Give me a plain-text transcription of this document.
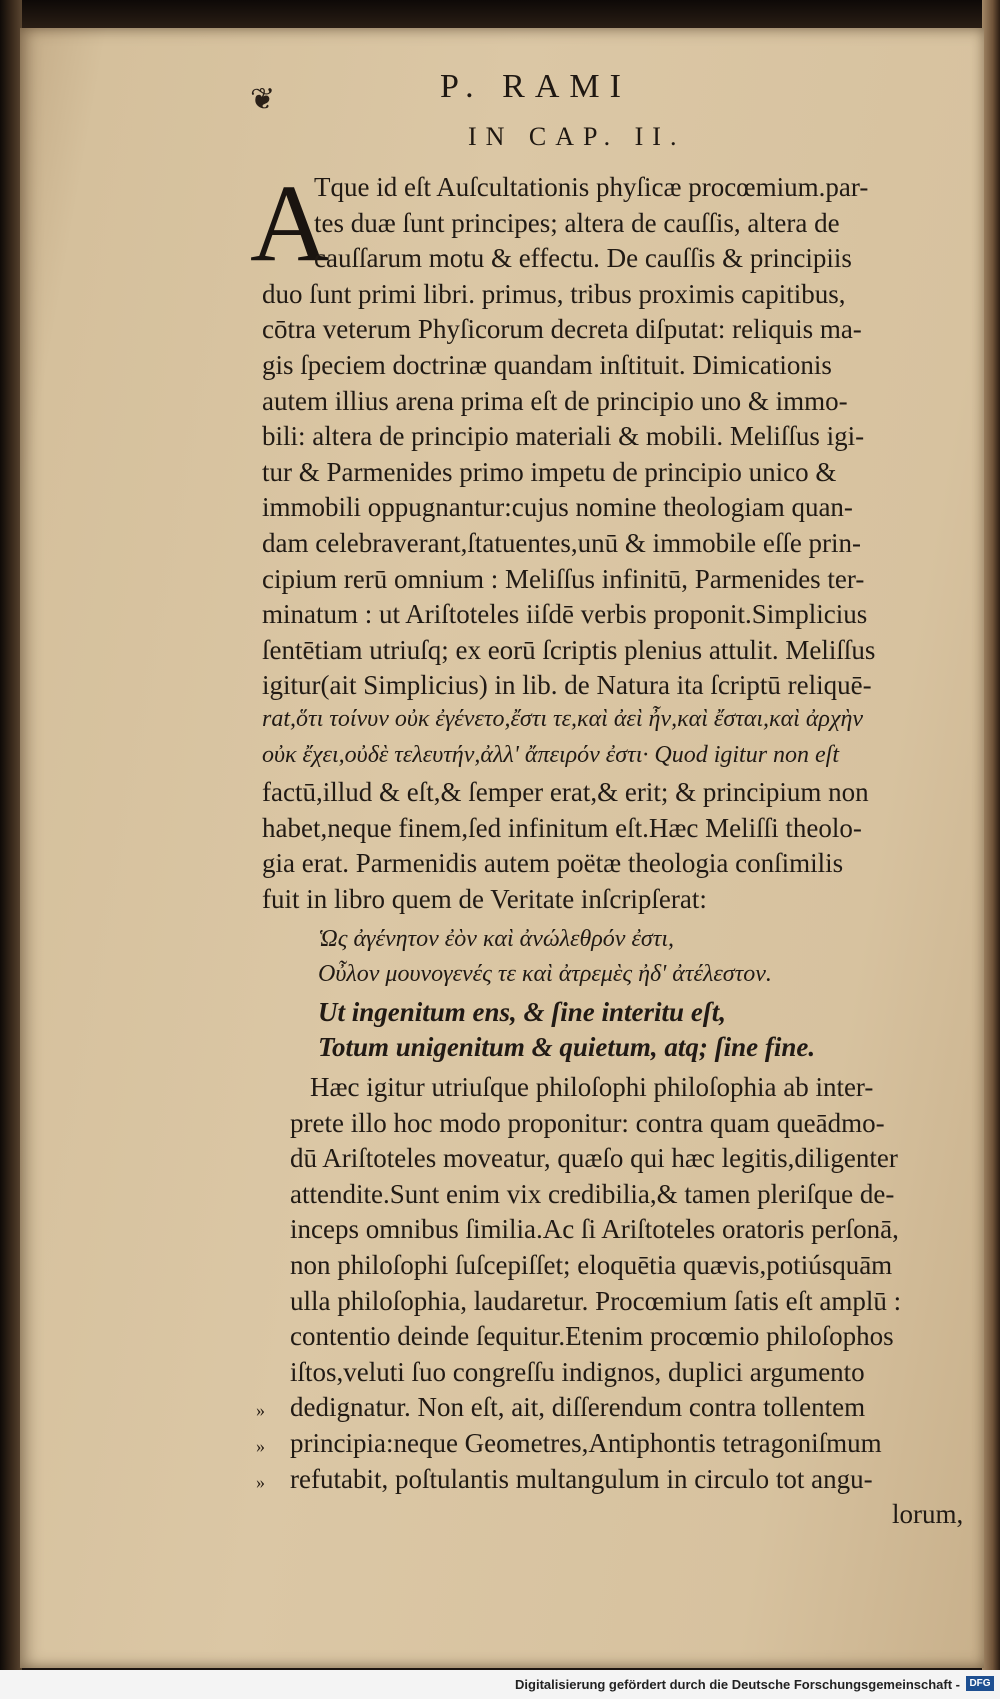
❦	P. RAMI
IN CAP. II.
A
Tque id eſt Auſcultationis phyſicæ procœmium.par-
tes duæ ſunt principes; altera de cauſſis, altera de
cauſſarum motu & effectu. De cauſſis & principiis
duo ſunt primi libri. primus, tribus proximis capitibus,
cōtra veterum Phyſicorum decreta diſputat: reliquis ma-
gis ſpeciem doctrinæ quandam inſtituit. Dimicationis
autem illius arena prima eſt de principio uno & immo-
bili: altera de principio materiali & mobili. Meliſſus igi-
tur & Parmenides primo impetu de principio unico &
immobili oppugnantur:cujus nomine theologiam quan-
dam celebraverant,ſtatuentes,unū & immobile eſſe prin-
cipium rerū omnium : Meliſſus infinitū, Parmenides ter-
minatum : ut Ariſtoteles iiſdē verbis proponit.Simplicius
ſentētiam utriuſq; ex eorū ſcriptis plenius attulit. Meliſſus
igitur(ait Simplicius) in lib. de Natura ita ſcriptū reliquē-
rat,ὅτι τοίνυν οὐκ ἐγένετο,ἔστι τε,καὶ ἀεὶ ἦν,καὶ ἔσται,καὶ ἀρχὴν
οὐκ ἔχει,οὐδὲ τελευτήν,ἀλλ' ἄπειρόν ἐστι· Quod igitur non eſt
factū,illud & eſt,& ſemper erat,& erit; & principium non
habet,neque finem,ſed infinitum eſt.Hæc Meliſſi theolo-
gia erat. Parmenidis autem poëtæ theologia conſimilis
fuit in libro quem de Veritate inſcripſerat:
Ὡς ἀγένητον ἐὸν καὶ ἀνώλεθρόν ἐστι,
Οὖλον μουνογενές τε καὶ ἀτρεμὲς ἠδ' ἀτέλεστον.
Ut ingenitum ens, & ſine interitu eſt,
Totum unigenitum & quietum, atq; ſine fine.
Hæc igitur utriuſque philoſophi philoſophia ab inter-
prete illo hoc modo proponitur: contra quam queādmo-
dū Ariſtoteles moveatur, quæſo qui hæc legitis,diligenter
attendite.Sunt enim vix credibilia,& tamen pleriſque de-
inceps omnibus ſimilia.Ac ſi Ariſtoteles oratoris perſonā,
non philoſophi ſuſcepiſſet; eloquētia quævis,potiúsquām
ulla philoſophia, laudaretur. Procœmium ſatis eſt amplū :
contentio deinde ſequitur.Etenim procœmio philoſophos
iſtos,veluti ſuo congreſſu indignos, duplici argumento
dedignatur. Non eſt, ait, diſſerendum contra tollentem
principia:neque Geometres,Antiphontis tetragoniſmum
refutabit, poſtulantis multangulum in circulo tot angu-
lorum,
»
»
»
Digitalisierung gefördert durch die Deutsche Forschungsgemeinschaft - DFG
